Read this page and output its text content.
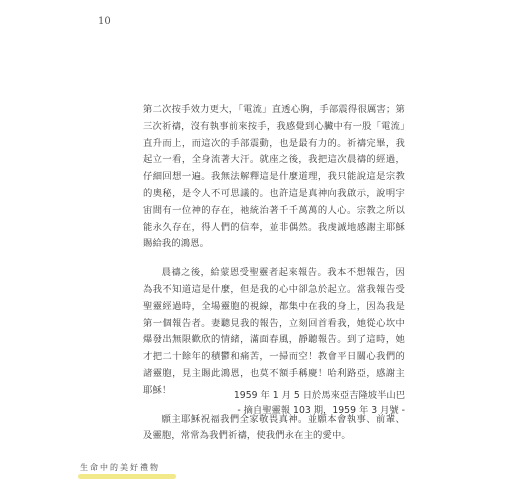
10

第二次按手效力更大，「電流」直透心胸，手部震得很厲害；第三次祈禱，沒有執事前來按手，我感覺到心臟中有一股「電流」直升而上，而這次的手部震動，也是最有力的。祈禱完畢，我起立一看，全身流著大汗。就座之後，我把這次晨禱的經過，仔細回想一遍。我無法解釋這是什麼道理，我只能說這是宗教的奧秘，是令人不可思議的。也許這是真神向我啟示，說明宇宙間有一位神的存在，祂統治著千千萬萬的人心。宗教之所以能永久存在，得人們的信奉，並非偶然。我虔誠地感謝主耶穌賜給我的鴻恩。

晨禱之後，給蒙恩受聖靈者起來報告。我本不想報告，因為我不知道這是什麼，但是我的心中卻急於起立。當我報告受聖靈經過時，全場靈胞的視線，都集中在我的身上，因為我是第一個報告者。妻聽見我的報告，立刻回首看我，她從心坎中爆發出無限歡欣的情緒，滿面春風，靜聽報告。到了這時，她才把二十餘年的積鬱和痛苦，一掃而空！教會平日關心我們的諸靈胞，見主賜此鴻恩，也莫不額手稱慶！哈利路亞，感謝主耶穌！

願主耶穌祝福我們全家敬畏真神。並願本會執事、前輩、及靈胞，常常為我們祈禱，使我們永在主的愛中。

1959 年 1 月 5 日於馬來亞吉隆坡半山巴
- 摘自聖靈報 103 期，1959 年 3 月號 -
生命中的美好禮物
